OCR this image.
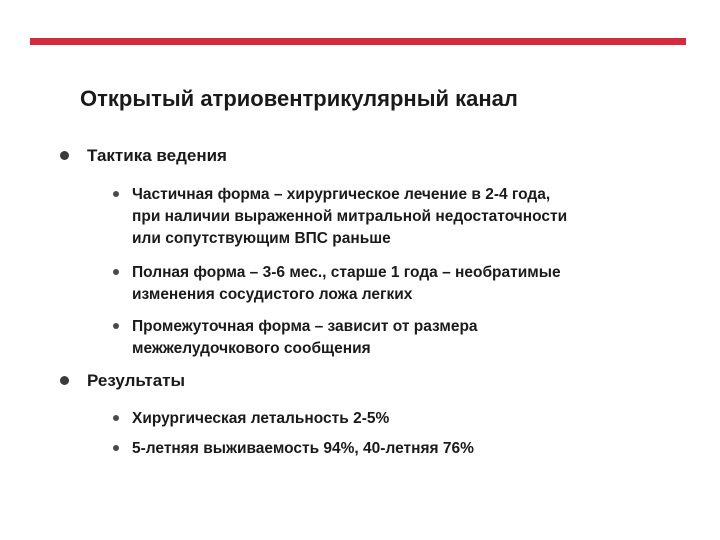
Открытый атриовентрикулярный канал
Тактика ведения
Частичная форма – хирургическое лечение в 2-4 года,
при наличии выраженной митральной недостаточности
или сопутствующим ВПС раньше
Полная форма – 3-6 мес., старше 1 года – необратимые
изменения сосудистого ложа легких
Промежуточная форма – зависит от размера
межжелудочкового сообщения
Результаты
Хирургическая летальность 2-5%
5-летняя выживаемость 94%, 40-летняя 76%
